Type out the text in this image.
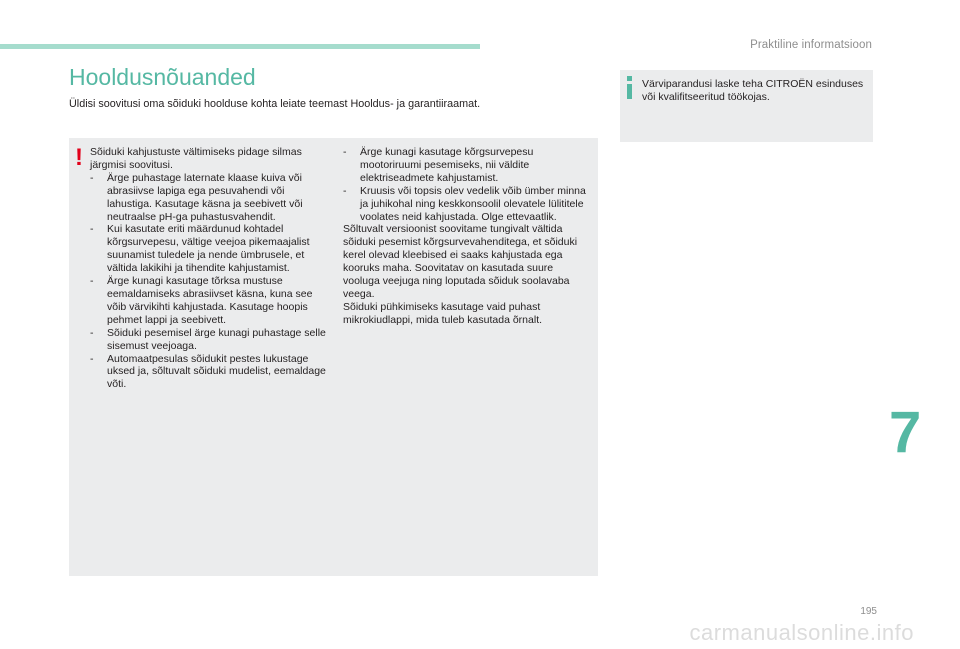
Praktiline informatsioon
Hooldusnõuanded
Üldisi soovitusi oma sõiduki hoolduse kohta leiate teemast Hooldus- ja garantiiraamat.
! Sõiduki kahjustuste vältimiseks pidage silmas järgmisi soovitusi.

-	Ärge puhastage laternate klaase kuiva või abrasiivse lapiga ega pesuvahendi või lahustiga. Kasutage käsna ja seebivett või neutraalse pH-ga puhastusvahendit.
-	Kui kasutate eriti määrdunud kohtadel kõrgsurvepesu, vältige veejoa pikemaajalist suunamist tuledele ja nende ümbrusele, et vältida lakikihi ja tihendite kahjustamist.
-	Ärge kunagi kasutage tõrksa mustuse eemaldamiseks abrasiivset käsna, kuna see võib värvikihti kahjustada. Kasutage hoopis pehmet lappi ja seebivett.
-	Sõiduki pesemisel ärge kunagi puhastage selle sisemust veejoaga.
-	Automaatpesulas sõidukit pestes lukustage uksed ja, sõltuvalt sõiduki mudelist, eemaldage võti.
-	Ärge kunagi kasutage kõrgsurvepesu mootoriruumi pesemiseks, nii väldite elektriseadmete kahjustamist.
-	Kruusis või topsis olev vedelik võib ümber minna ja juhikohal ning keskkonsoolil olevatele lülititele voolates neid kahjustada. Olge ettevaatlik.

Sõltuvalt versioonist soovitame tungivalt vältida sõiduki pesemist kõrgsurvevahenditega, et sõiduki kerel olevad kleebised ei saaks kahjustada ega kooruks maha. Soovitatav on kasutada suure vooluga veejuga ning loputada sõiduk soolavaba veega.

Sõiduki pühkimiseks kasutage vaid puhast mikrokiudlappi, mida tuleb kasutada õrnalt.

Värviparandusi laske teha CITROËN esinduses või kvalifitseeritud töökojas.
7
195
carmanualsonline.info
